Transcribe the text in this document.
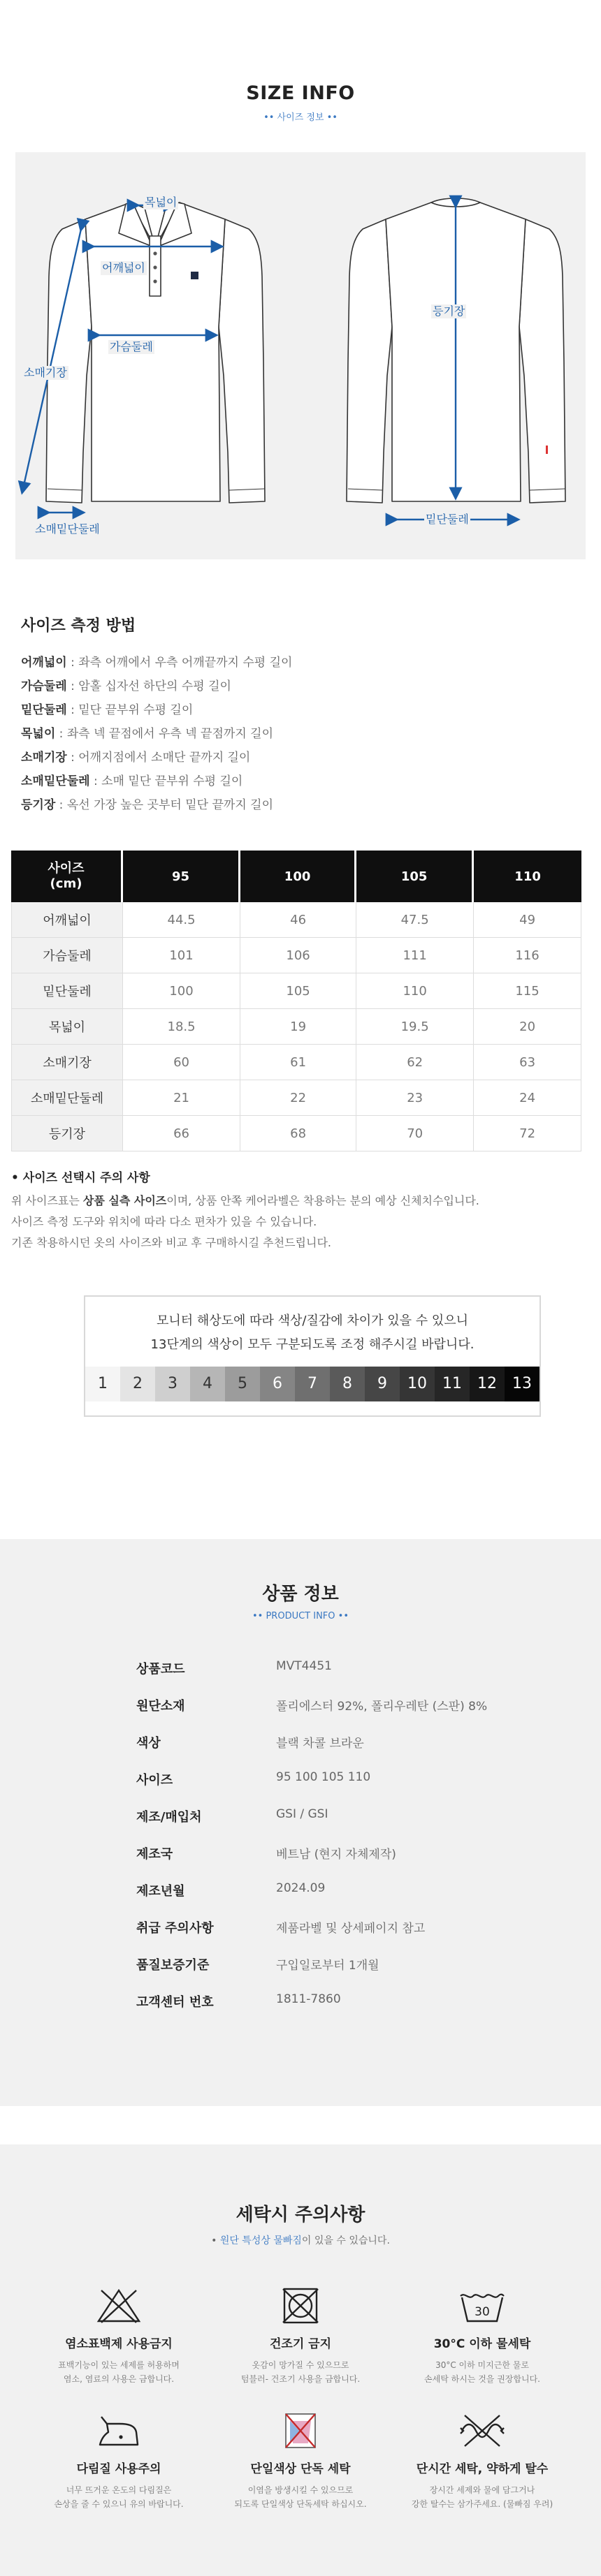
SIZE INFO
•• 사이즈 정보 ••
목넓이
어깨넓이
가슴둘레
소매기장
소매밑단둘레
등기장
밑단둘레
사이즈 측정 방법
어깨넓이 : 좌측 어깨에서 우측 어깨끝까지 수평 길이
가슴둘레 : 암홀 십자선 하단의 수평 길이
밑단둘레 : 밑단 끝부위 수평 길이
목넓이 : 좌측 넥 끝점에서 우측 넥 끝점까지 길이
소매기장 : 어깨지점에서 소매단 끝까지 길이
소매밑단둘레 : 소매 밑단 끝부위 수평 길이
등기장 : 옥선 가장 높은 곳부터 밑단 끝까지 길이
사이즈
(cm)	95	100	105	110
어깨넓이	44.5	46	47.5	49
가슴둘레	101	106	111	116
밑단둘레	100	105	110	115
목넓이	18.5	19	19.5	20
소매기장	60	61	62	63
소매밑단둘레	21	22	23	24
등기장	66	68	70	72
• 사이즈 선택시 주의 사항
위 사이즈표는 상품 실측 사이즈이며, 상품 안쪽 케어라벨은 착용하는 분의 예상 신체치수입니다.
사이즈 측정 도구와 위치에 따라 다소 편차가 있을 수 있습니다.
기존 착용하시던 옷의 사이즈와 비교 후 구매하시길 추천드립니다.
모니터 해상도에 따라 색상/질감에 차이가 있을 수 있으니
13단계의 색상이 모두 구분되도록 조정 해주시길 바랍니다.
1	2	3	4	5	6	7	8	9	10	11	12	13
상품 정보
•• PRODUCT INFO ••
상품코드	MVT4451
원단소재	폴리에스터 92%, 폴리우레탄 (스판) 8%
색상	블랙 차콜 브라운
사이즈	95 100 105 110
제조/매입처	GSI / GSI
제조국	베트남 (현지 자체제작)
제조년월	2024.09
취급 주의사항	제품라벨 및 상세페이지 참고
품질보증기준	구입일로부터 1개월
고객센터 번호	1811-7860
세탁시 주의사항
• 원단 특성상 물빠짐이 있을 수 있습니다.
염소표백제 사용금지
표백기능이 있는 세제를 허용하며
염소, 염료의 사용은 금합니다.
건조기 금지
옷감이 망가질 수 있으므로
텀블러- 건조기 사용을 금합니다.
30
30°C 이하 물세탁
30°C 이하 미지근한 물로
손세탁 하시는 것을 권장합니다.
다림질 사용주의
너무 뜨거운 온도의 다림질은
손상을 줄 수 있으니 유의 바랍니다.
단일색상 단독 세탁
이염을 방생시킬 수 있으므로
되도록 단일색상 단독세탁 하십시오.
단시간 세탁, 약하게 탈수
장시간 세제와 물에 담그거나
강한 탈수는 삼가주세요. (물빠짐 우려)
